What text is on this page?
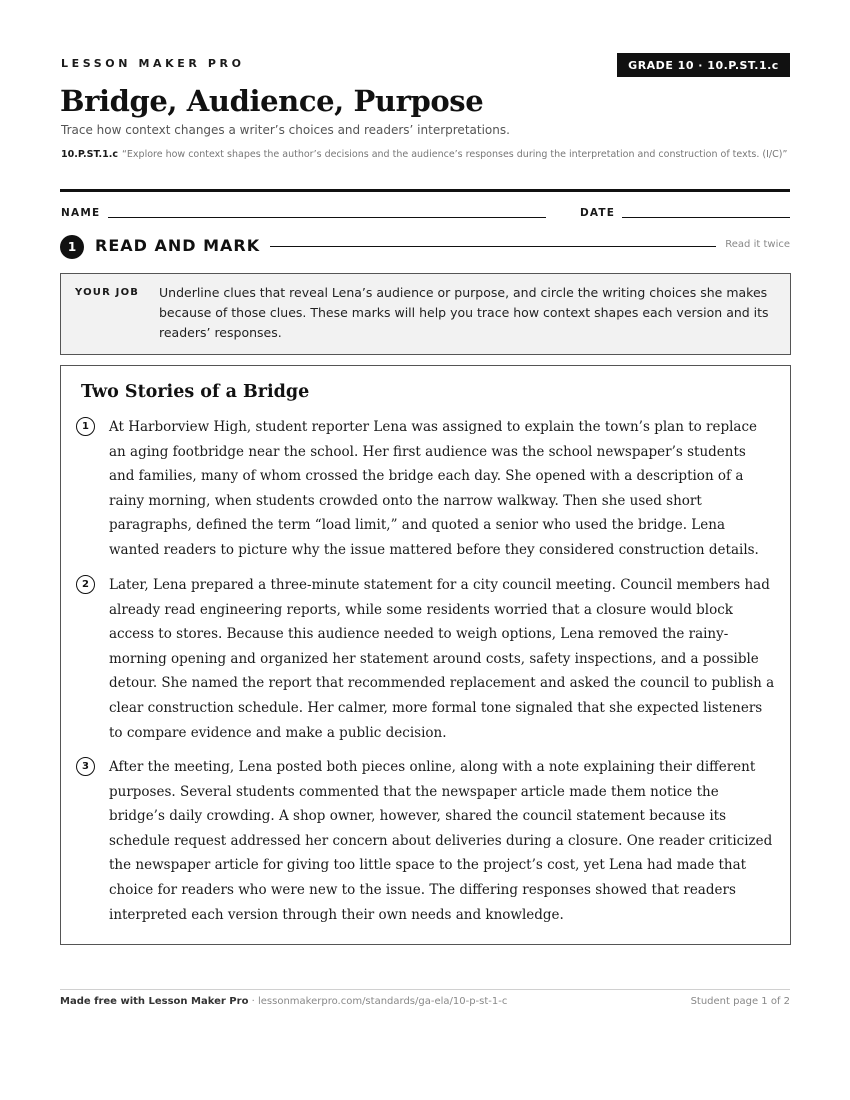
LESSON MAKER PRO	GRADE 10 · 10.P.ST.1.c
Bridge, Audience, Purpose
Trace how context changes a writer’s choices and readers’ interpretations.
10.P.ST.1.c “Explore how context shapes the author’s decisions and the audience’s responses during the interpretation and construction of texts. (I/C)”
NAME	DATE
1	READ AND MARK	Read it twice
YOUR JOB Underline clues that reveal Lena’s audience or purpose, and circle the writing choices she makes because of those clues. These marks will help you trace how context shapes each version and its readers’ responses.
Two Stories of a Bridge
1	At Harborview High, student reporter Lena was assigned to explain the town’s plan to replace an aging footbridge near the school. Her first audience was the school newspaper’s students and families, many of whom crossed the bridge each day. She opened with a description of a rainy morning, when students crowded onto the narrow walkway. Then she used short paragraphs, defined the term “load limit,” and quoted a senior who used the bridge. Lena wanted readers to picture why the issue mattered before they considered construction details.

2	Later, Lena prepared a three-minute statement for a city council meeting. Council members had already read engineering reports, while some residents worried that a closure would block access to stores. Because this audience needed to weigh options, Lena removed the rainy-morning opening and organized her statement around costs, safety inspections, and a possible detour. She named the report that recommended replacement and asked the council to publish a clear construction schedule. Her calmer, more formal tone signaled that she expected listeners to compare evidence and make a public decision.

3	After the meeting, Lena posted both pieces online, along with a note explaining their different purposes. Several students commented that the newspaper article made them notice the bridge’s daily crowding. A shop owner, however, shared the council statement because its schedule request addressed her concern about deliveries during a closure. One reader criticized the newspaper article for giving too little space to the project’s cost, yet Lena had made that choice for readers who were new to the issue. The differing responses showed that readers interpreted each version through their own needs and knowledge.

Made free with Lesson Maker Pro · lessonmakerpro.com/standards/ga-ela/10-p-st-1-c	Student page 1 of 2
